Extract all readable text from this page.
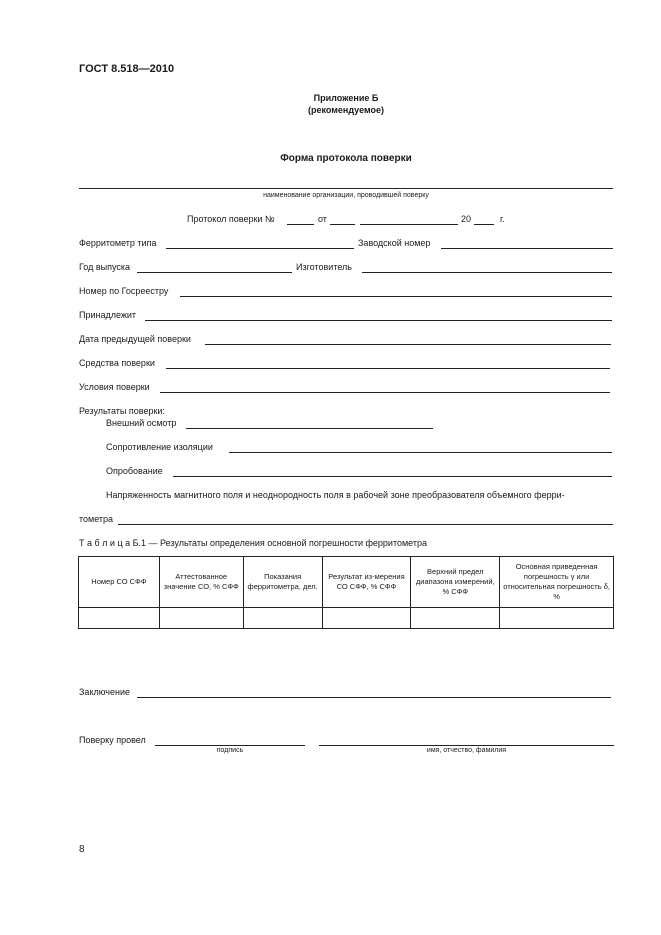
ГОСТ 8.518—2010
Приложение Б
(рекомендуемое)
Форма протокола поверки
наименование организации, проводившей поверку
Протокол поверки №	от	20	г.
Ферритометр типа	Заводской номер
Год выпуска	Изготовитель
Номер по Госреестру
Принадлежит
Дата предыдущей поверки
Средства поверки
Условия поверки
Результаты поверки:
Внешний осмотр
Сопротивление изоляции
Опробование
Напряженность магнитного поля и неоднородность поля в рабочей зоне преобразователя объемного ферри-
тометра
Т а б л и ц а Б.1 — Результаты определения основной погрешности ферритометра
Номер СО СФФ	Аттестованное значение СО, % СФФ	Показания ферритометра, дел.	Результат из-мерения СО СФФ, % СФФ	Верхний предел диапазона измерений, % СФФ	Основная приведенная погрешность γ или относительная погрешность δ, %

Заключение
Поверку провел
подпись	имя, отчество, фамилия
8
